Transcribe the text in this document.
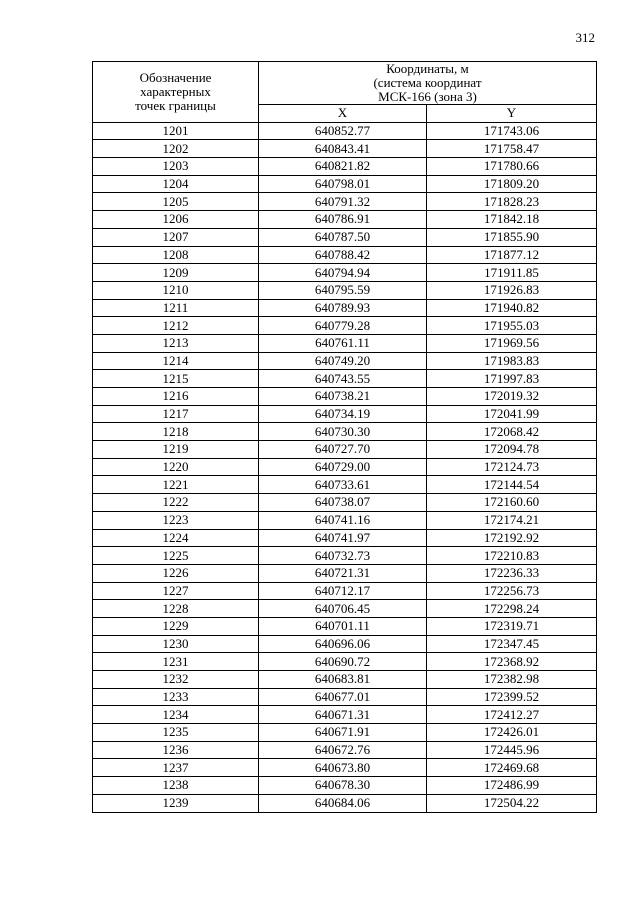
312
Обозначение
характерных
точек границы	Координаты, м
(система координат
МСК-166 (зона 3)	

	X	Y
1201	640852.77	171743.06
1202	640843.41	171758.47
1203	640821.82	171780.66
1204	640798.01	171809.20
1205	640791.32	171828.23
1206	640786.91	171842.18
1207	640787.50	171855.90
1208	640788.42	171877.12
1209	640794.94	171911.85
1210	640795.59	171926.83
1211	640789.93	171940.82
1212	640779.28	171955.03
1213	640761.11	171969.56
1214	640749.20	171983.83
1215	640743.55	171997.83
1216	640738.21	172019.32
1217	640734.19	172041.99
1218	640730.30	172068.42
1219	640727.70	172094.78
1220	640729.00	172124.73
1221	640733.61	172144.54
1222	640738.07	172160.60
1223	640741.16	172174.21
1224	640741.97	172192.92
1225	640732.73	172210.83
1226	640721.31	172236.33
1227	640712.17	172256.73
1228	640706.45	172298.24
1229	640701.11	172319.71
1230	640696.06	172347.45
1231	640690.72	172368.92
1232	640683.81	172382.98
1233	640677.01	172399.52
1234	640671.31	172412.27
1235	640671.91	172426.01
1236	640672.76	172445.96
1237	640673.80	172469.68
1238	640678.30	172486.99
1239	640684.06	172504.22
